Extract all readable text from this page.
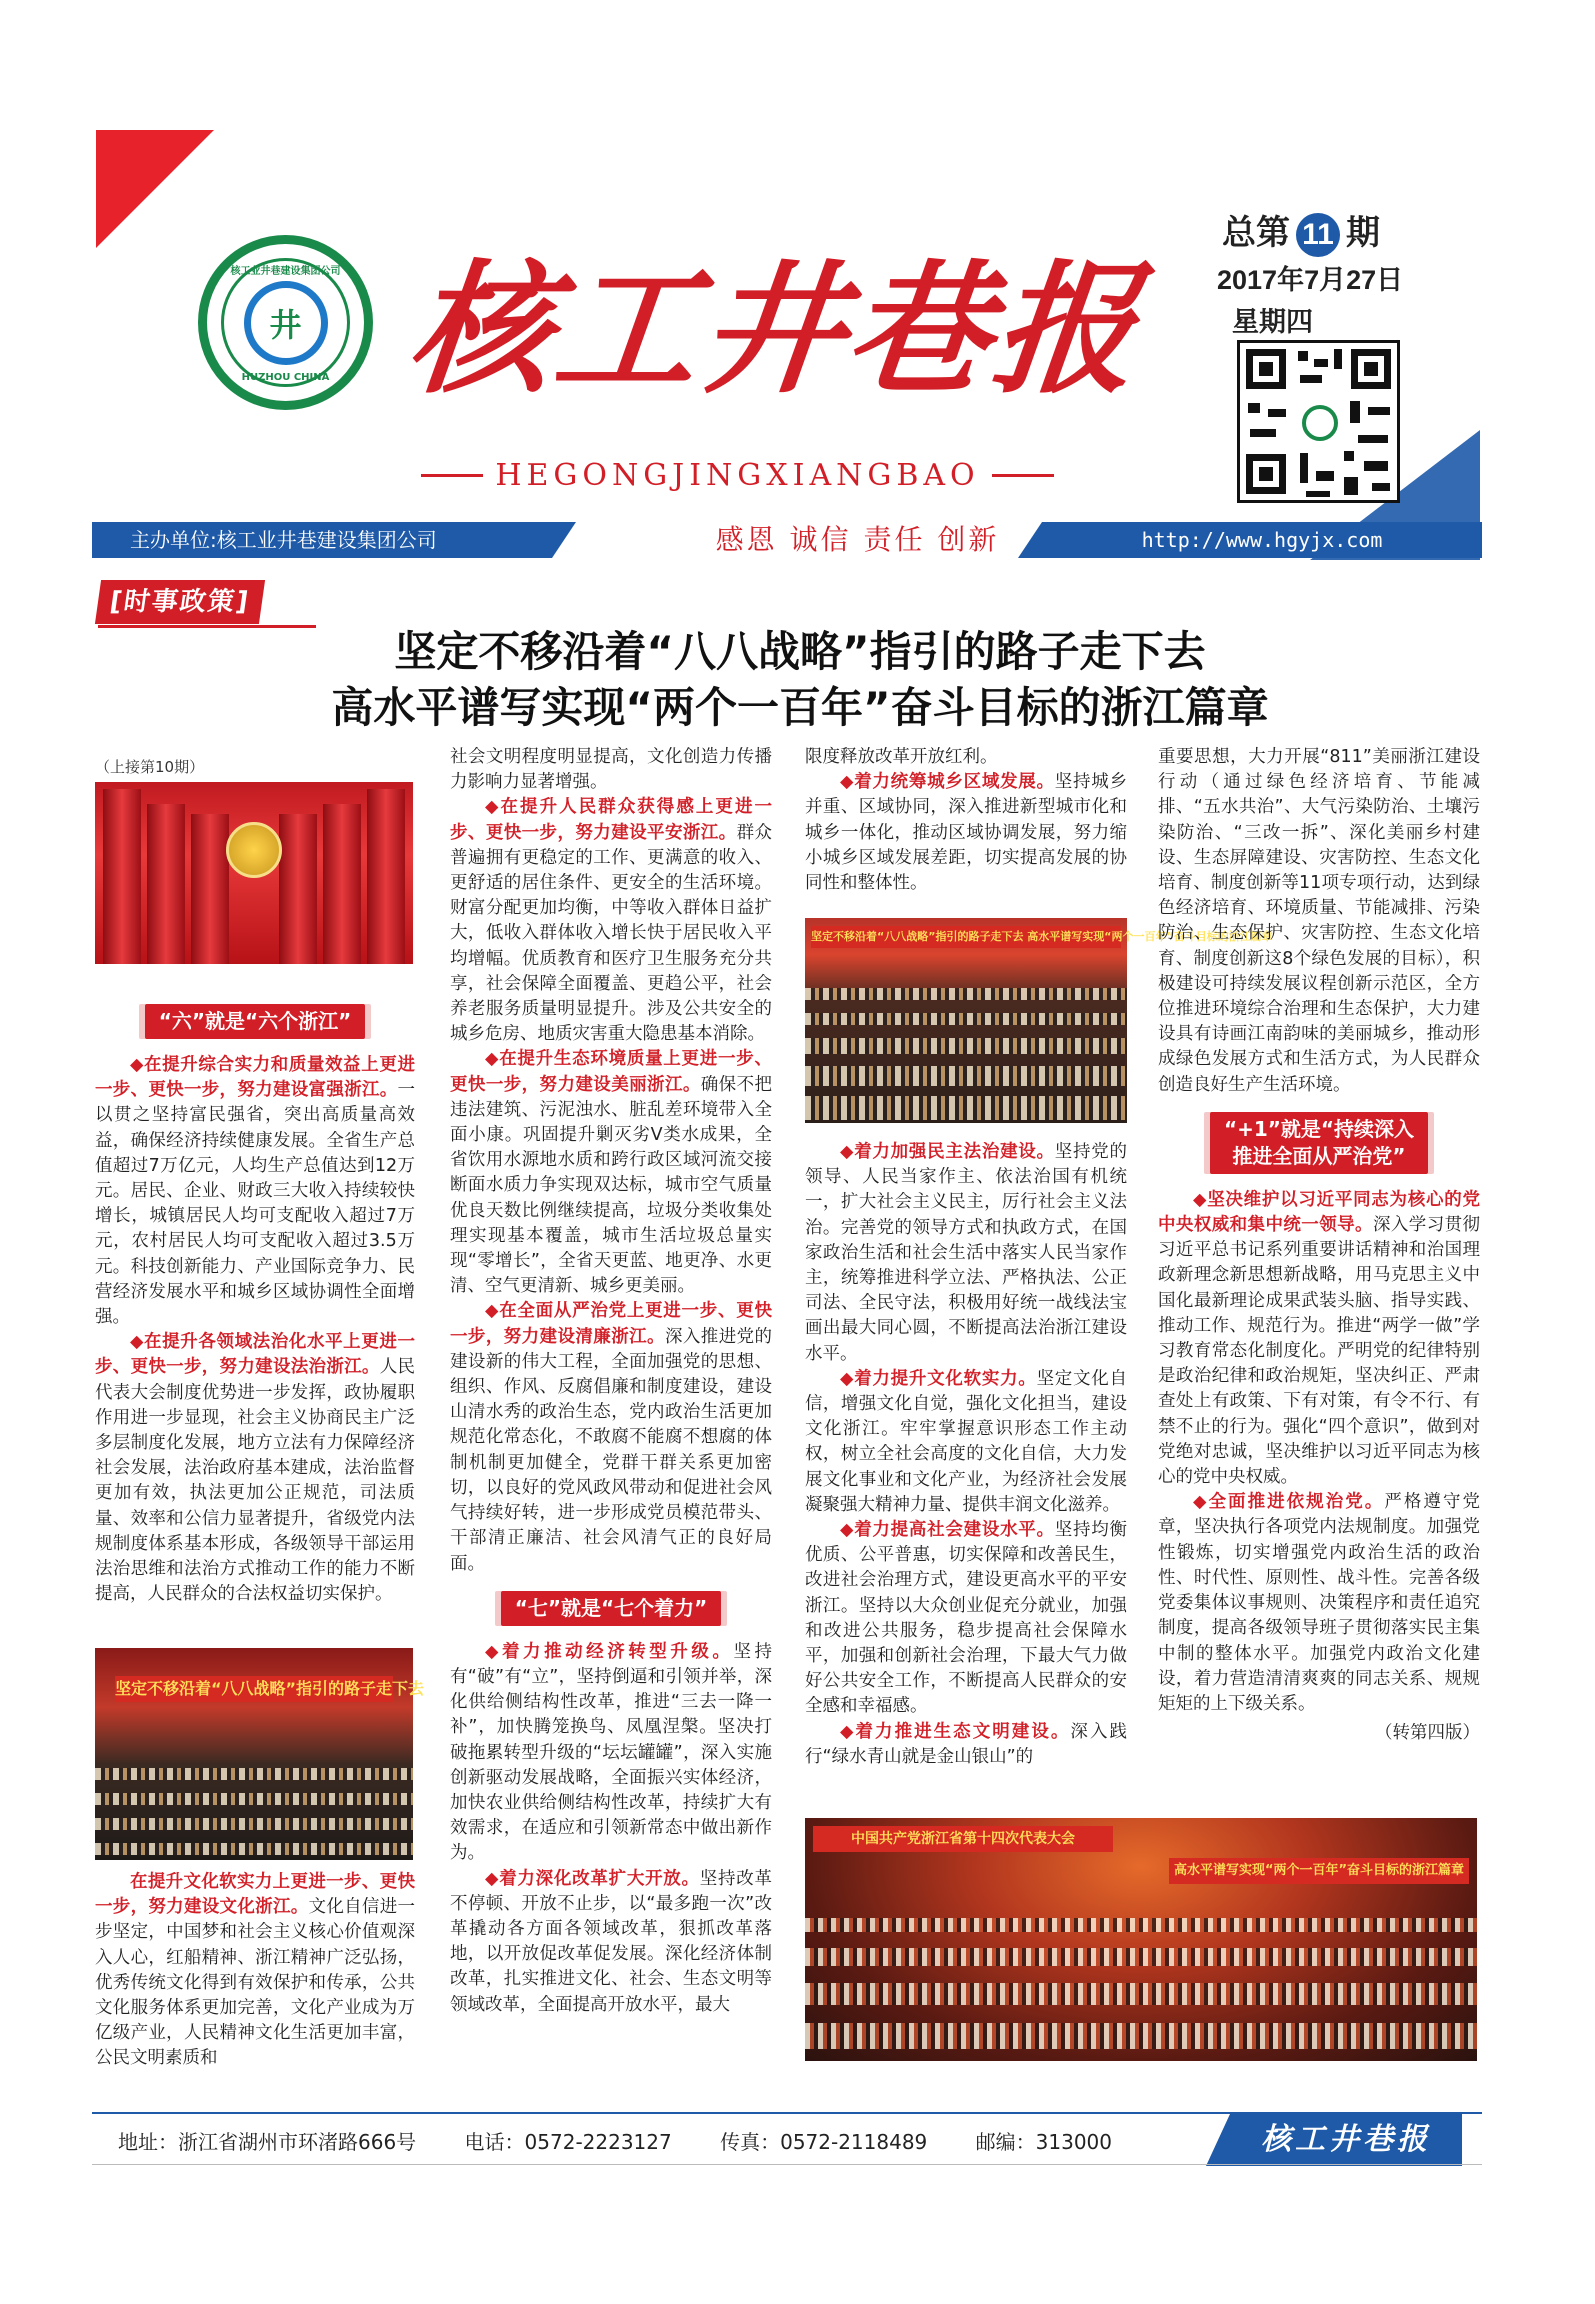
核工业井巷建设集团公司
井
HUZHOU CHINA 核工井巷报
HEGONGJINGXIANGBAO
总第 11 期
2017年7月27日
星期四
主办单位:核工业井巷建设集团公司	感恩 诚信 责任 创新	http://www.hgyjx.com
[时事政策]
坚定不移沿着“八八战略”指引的路子走下去
高水平谱写实现“两个一百年”奋斗目标的浙江篇章
（上接第10期）
“六”就是“六个浙江”

◆在提升综合实力和质量效益上更进一步、更快一步，努力建设富强浙江。一以贯之坚持富民强省，突出高质量高效益，确保经济持续健康发展。全省生产总值超过7万亿元，人均生产总值达到12万元。居民、企业、财政三大收入持续较快增长，城镇居民人均可支配收入超过7万元，农村居民人均可支配收入超过3.5万元。科技创新能力、产业国际竞争力、民营经济发展水平和城乡区域协调性全面增强。

◆在提升各领域法治化水平上更进一步、更快一步，努力建设法治浙江。人民代表大会制度优势进一步发挥，政协履职作用进一步显现，社会主义协商民主广泛多层制度化发展，地方立法有力保障经济社会发展，法治政府基本建成，法治监督更加有效，执法更加公正规范，司法质量、效率和公信力显著提升，省级党内法规制度体系基本形成，各级领导干部运用法治思维和法治方式推动工作的能力不断提高，人民群众的合法权益切实保护。

坚定不移沿着“八八战略”指引的路子走下去

在提升文化软实力上更进一步、更快一步，努力建设文化浙江。文化自信进一步坚定，中国梦和社会主义核心价值观深入人心，红船精神、浙江精神广泛弘扬，优秀传统文化得到有效保护和传承，公共文化服务体系更加完善，文化产业成为万亿级产业，人民精神文化生活更加丰富，公民文明素质和

社会文明程度明显提高，文化创造力传播力影响力显著增强。

◆在提升人民群众获得感上更进一步、更快一步，努力建设平安浙江。群众普遍拥有更稳定的工作、更满意的收入、更舒适的居住条件、更安全的生活环境。财富分配更加均衡，中等收入群体日益扩大，低收入群体收入增长快于居民收入平均增幅。优质教育和医疗卫生服务充分共享，社会保障全面覆盖、更趋公平，社会养老服务质量明显提升。涉及公共安全的城乡危房、地质灾害重大隐患基本消除。

◆在提升生态环境质量上更进一步、更快一步，努力建设美丽浙江。确保不把违法建筑、污泥浊水、脏乱差环境带入全面小康。巩固提升剿灭劣V类水成果，全省饮用水源地水质和跨行政区域河流交接断面水质力争实现双达标，城市空气质量优良天数比例继续提高，垃圾分类收集处理实现基本覆盖，城市生活垃圾总量实现“零增长”，全省天更蓝、地更净、水更清、空气更清新、城乡更美丽。

◆在全面从严治党上更进一步、更快一步，努力建设清廉浙江。深入推进党的建设新的伟大工程，全面加强党的思想、组织、作风、反腐倡廉和制度建设，建设山清水秀的政治生态，党内政治生活更加规范化常态化，不敢腐不能腐不想腐的体制机制更加健全，党群干群关系更加密切，以良好的党风政风带动和促进社会风气持续好转，进一步形成党员模范带头、干部清正廉洁、社会风清气正的良好局面。

“七”就是“七个着力”

◆着力推动经济转型升级。坚持有“破”有“立”，坚持倒逼和引领并举，深化供给侧结构性改革，推进“三去一降一补”，加快腾笼换鸟、凤凰涅槃。坚决打破拖累转型升级的“坛坛罐罐”，深入实施创新驱动发展战略，全面振兴实体经济，加快农业供给侧结构性改革，持续扩大有效需求，在适应和引领新常态中做出新作为。

◆着力深化改革扩大开放。坚持改革不停顿、开放不止步，以“最多跑一次”改革撬动各方面各领域改革，狠抓改革落地，以开放促改革促发展。深化经济体制改革，扎实推进文化、社会、生态文明等领域改革，全面提高开放水平，最大

限度释放改革开放红利。

◆着力统筹城乡区域发展。坚持城乡并重、区域协同，深入推进新型城市化和城乡一体化，推动区域协调发展，努力缩小城乡区域发展差距，切实提高发展的协同性和整体性。

坚定不移沿着“八八战略”指引的路子走下去 高水平谱写实现“两个一百年”奋斗目标的浙江篇章

◆着力加强民主法治建设。坚持党的领导、人民当家作主、依法治国有机统一，扩大社会主义民主，厉行社会主义法治。完善党的领导方式和执政方式，在国家政治生活和社会生活中落实人民当家作主，统筹推进科学立法、严格执法、公正司法、全民守法，积极用好统一战线法宝画出最大同心圆，不断提高法治浙江建设水平。

◆着力提升文化软实力。坚定文化自信，增强文化自觉，强化文化担当，建设文化浙江。牢牢掌握意识形态工作主动权，树立全社会高度的文化自信，大力发展文化事业和文化产业，为经济社会发展凝聚强大精神力量、提供丰润文化滋养。

◆着力提高社会建设水平。坚持均衡优质、公平普惠，切实保障和改善民生，改进社会治理方式，建设更高水平的平安浙江。坚持以大众创业促充分就业，加强和改进公共服务，稳步提高社会保障水平，加强和创新社会治理，下最大气力做好公共安全工作，不断提高人民群众的安全感和幸福感。

◆着力推进生态文明建设。深入践行“绿水青山就是金山银山”的

重要思想，大力开展“811”美丽浙江建设行动（通过绿色经济培育、节能减排、“五水共治”、大气污染防治、土壤污染防治、“三改一拆”、深化美丽乡村建设、生态屏障建设、灾害防控、生态文化培育、制度创新等11项专项行动，达到绿色经济培育、环境质量、节能减排、污染防治、生态保护、灾害防控、生态文化培育、制度创新这8个绿色发展的目标），积极建设可持续发展议程创新示范区，全方位推进环境综合治理和生态保护，大力建设具有诗画江南韵味的美丽城乡，推动形成绿色发展方式和生活方式，为人民群众创造良好生产生活环境。
“+1”就是“持续深入
推进全面从严治党”

◆坚决维护以习近平同志为核心的党中央权威和集中统一领导。深入学习贯彻习近平总书记系列重要讲话精神和治国理政新理念新思想新战略，用马克思主义中国化最新理论成果武装头脑、指导实践、推动工作、规范行为。推进“两学一做”学习教育常态化制度化。严明党的纪律特别是政治纪律和政治规矩，坚决纠正、严肃查处上有政策、下有对策，有令不行、有禁不止的行为。强化“四个意识”，做到对党绝对忠诚，坚决维护以习近平同志为核心的党中央权威。

◆全面推进依规治党。严格遵守党章，坚决执行各项党内法规制度。加强党性锻炼，切实增强党内政治生活的政治性、时代性、原则性、战斗性。完善各级党委集体议事规则、决策程序和责任追究制度，提高各级领导班子贯彻落实民主集中制的整体水平。加强党内政治文化建设，着力营造清清爽爽的同志关系、规规矩矩的上下级关系。

（转第四版）
中国共产党浙江省第十四次代表大会
高水平谱写实现“两个一百年”奋斗目标的浙江篇章
地址：浙江省湖州市环渚路666号 电话：0572-2223127 传真：0572-2118489 邮编：313000	核工井巷报
